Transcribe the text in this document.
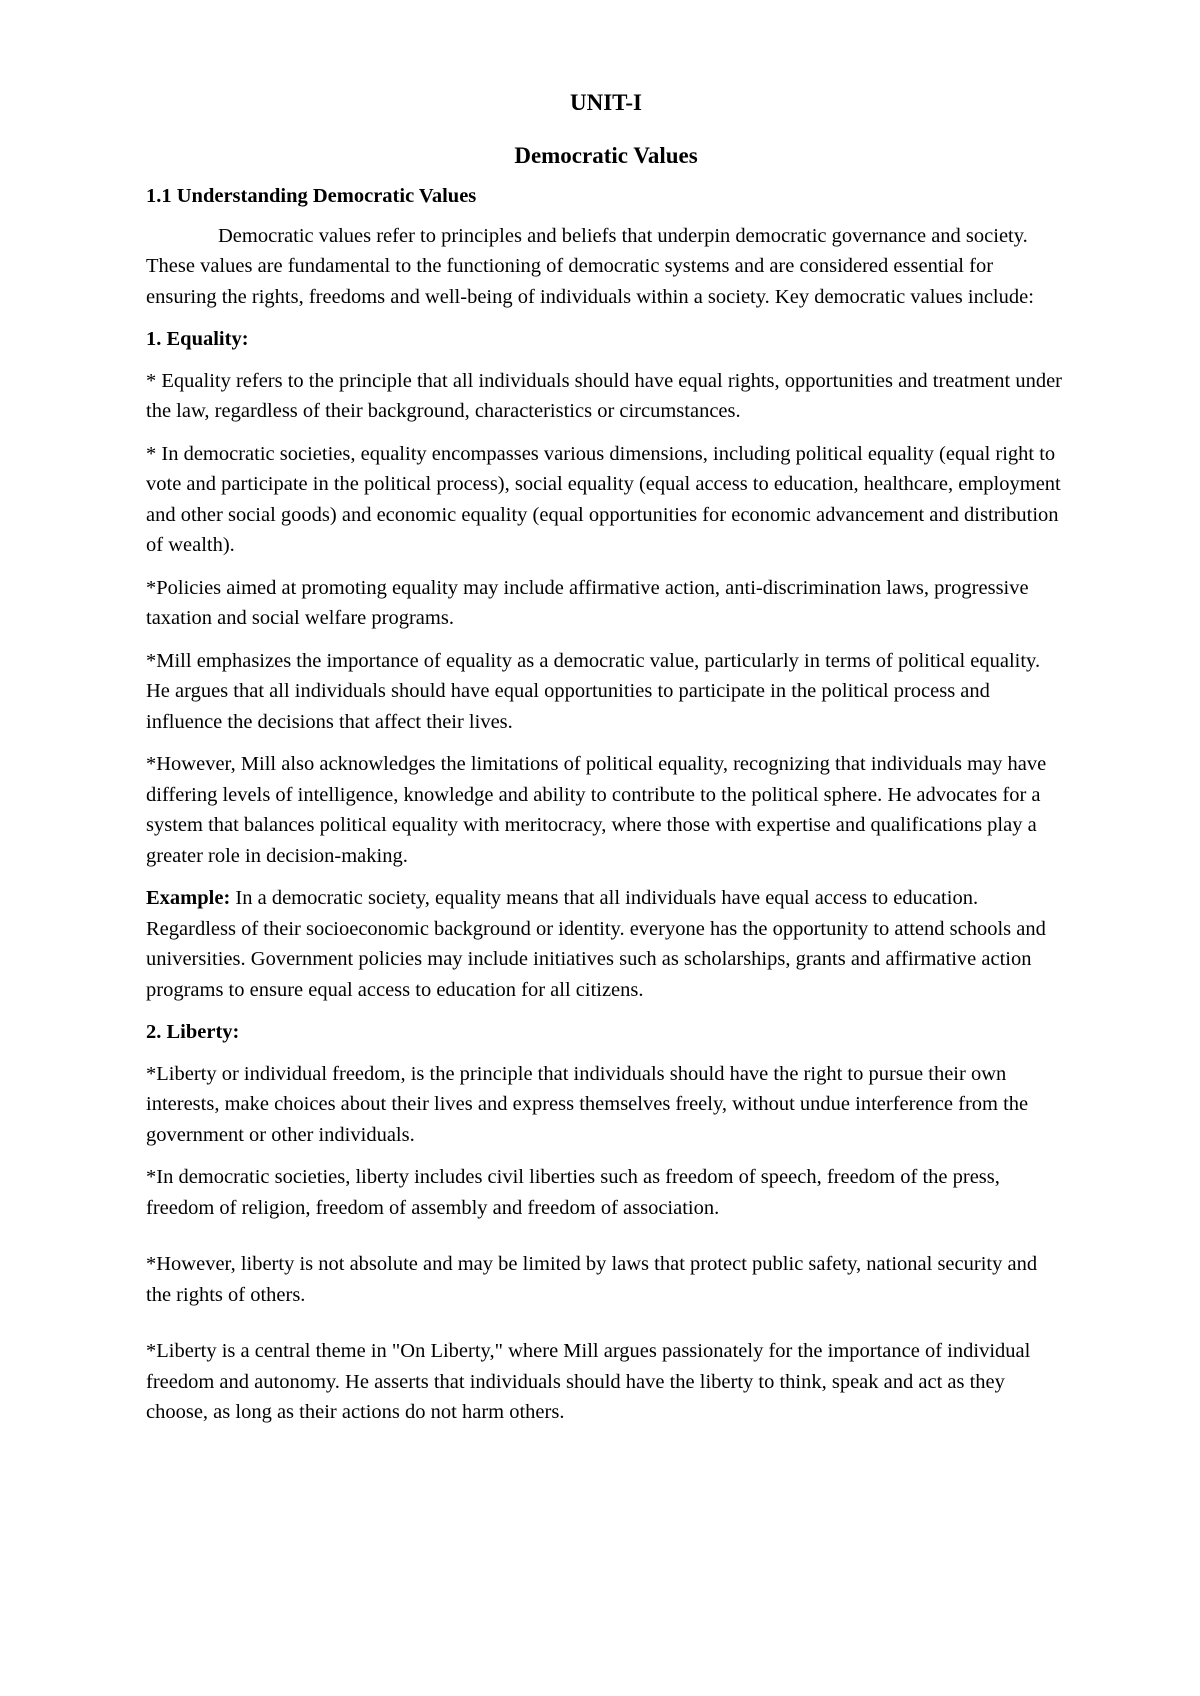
UNIT-I
Democratic Values
1.1 Understanding Democratic Values

Democratic values refer to principles and beliefs that underpin democratic governance and society. These values are fundamental to the functioning of democratic systems and are considered essential for ensuring the rights, freedoms and well-being of individuals within a society. Key democratic values include:

1. Equality:

* Equality refers to the principle that all individuals should have equal rights, opportunities and treatment under the law, regardless of their background, characteristics or circumstances.

* In democratic societies, equality encompasses various dimensions, including political equality (equal right to vote and participate in the political process), social equality (equal access to education, healthcare, employment and other social goods) and economic equality (equal opportunities for economic advancement and distribution of wealth).

*Policies aimed at promoting equality may include affirmative action, anti-discrimination laws, progressive taxation and social welfare programs.

*Mill emphasizes the importance of equality as a democratic value, particularly in terms of political equality. He argues that all individuals should have equal opportunities to participate in the political process and influence the decisions that affect their lives.

*However, Mill also acknowledges the limitations of political equality, recognizing that individuals may have differing levels of intelligence, knowledge and ability to contribute to the political sphere. He advocates for a system that balances political equality with meritocracy, where those with expertise and qualifications play a greater role in decision-making.

Example: In a democratic society, equality means that all individuals have equal access to education. Regardless of their socioeconomic background or identity. everyone has the opportunity to attend schools and universities. Government policies may include initiatives such as scholarships, grants and affirmative action programs to ensure equal access to education for all citizens.

2. Liberty:

*Liberty or individual freedom, is the principle that individuals should have the right to pursue their own interests, make choices about their lives and express themselves freely, without undue interference from the government or other individuals.

*In democratic societies, liberty includes civil liberties such as freedom of speech, freedom of the press, freedom of religion, freedom of assembly and freedom of association.

*However, liberty is not absolute and may be limited by laws that protect public safety, national security and the rights of others.

*Liberty is a central theme in "On Liberty," where Mill argues passionately for the importance of individual freedom and autonomy. He asserts that individuals should have the liberty to think, speak and act as they choose, as long as their actions do not harm others.
